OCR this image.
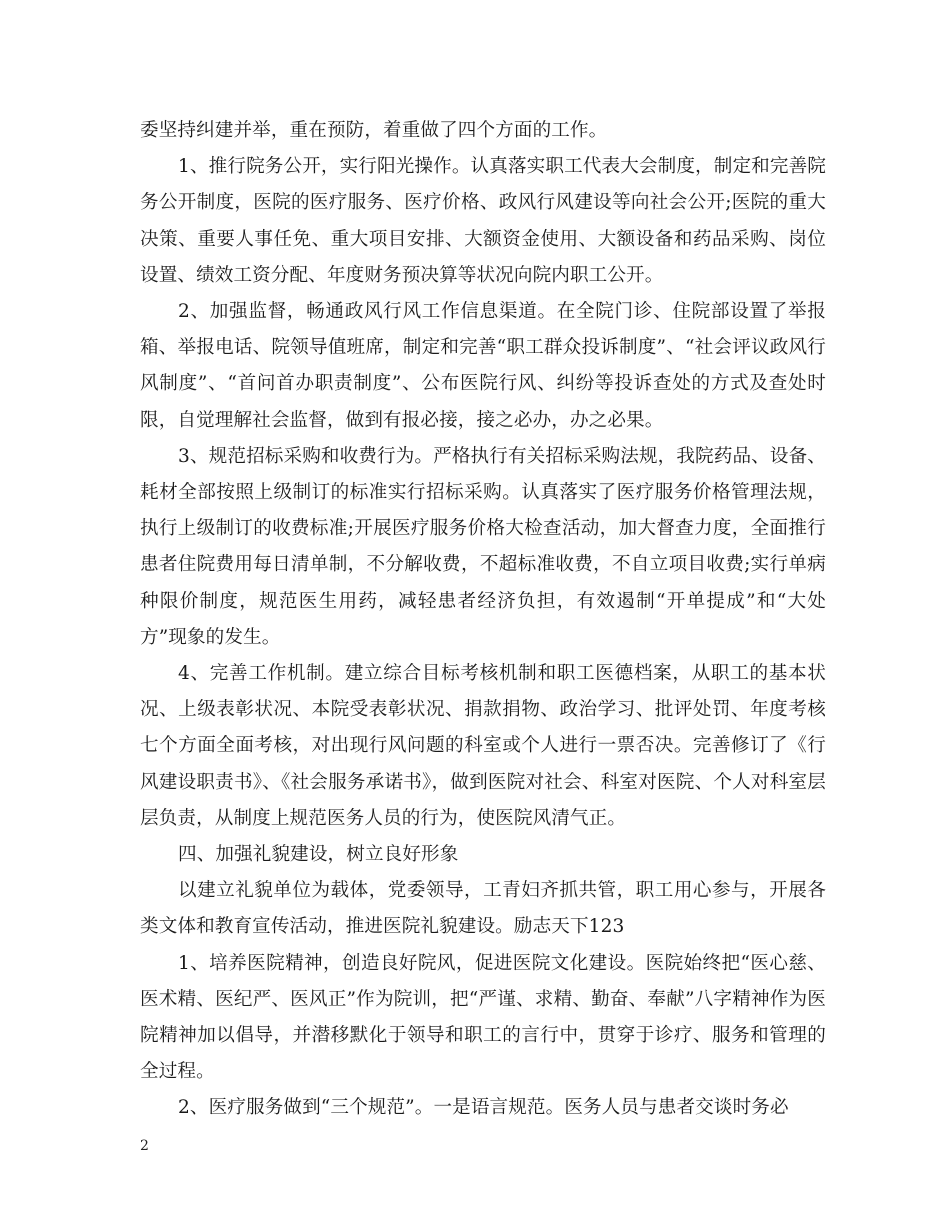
委坚持纠建并举，重在预防，着重做了四个方面的工作。

1、推行院务公开，实行阳光操作。认真落实职工代表大会制度，制定和完善院务公开制度，医院的医疗服务、医疗价格、政风行风建设等向社会公开;医院的重大决策、重要人事任免、重大项目安排、大额资金使用、大额设备和药品采购、岗位设置、绩效工资分配、年度财务预决算等状况向院内职工公开。

2、加强监督，畅通政风行风工作信息渠道。在全院门诊、住院部设置了举报箱、举报电话、院领导值班席，制定和完善“职工群众投诉制度”、“社会评议政风行风制度”、“首问首办职责制度”、公布医院行风、纠纷等投诉查处的方式及查处时限，自觉理解社会监督，做到有报必接，接之必办，办之必果。

3、规范招标采购和收费行为。严格执行有关招标采购法规，我院药品、设备、耗材全部按照上级制订的标准实行招标采购。认真落实了医疗服务价格管理法规，执行上级制订的收费标准;开展医疗服务价格大检查活动，加大督查力度，全面推行患者住院费用每日清单制，不分解收费，不超标准收费，不自立项目收费;实行单病种限价制度，规范医生用药，减轻患者经济负担，有效遏制“开单提成”和“大处方”现象的发生。

4、完善工作机制。建立综合目标考核机制和职工医德档案，从职工的基本状况、上级表彰状况、本院受表彰状况、捐款捐物、政治学习、批评处罚、年度考核七个方面全面考核，对出现行风问题的科室或个人进行一票否决。完善修订了《行风建设职责书》、《社会服务承诺书》，做到医院对社会、科室对医院、个人对科室层层负责，从制度上规范医务人员的行为，使医院风清气正。

四、加强礼貌建设，树立良好形象

以建立礼貌单位为载体，党委领导，工青妇齐抓共管，职工用心参与，开展各类文体和教育宣传活动，推进医院礼貌建设。励志天下123

1、培养医院精神，创造良好院风，促进医院文化建设。医院始终把“医心慈、医术精、医纪严、医风正”作为院训，把“严谨、求精、勤奋、奉献”八字精神作为医院精神加以倡导，并潜移默化于领导和职工的言行中，贯穿于诊疗、服务和管理的全过程。

2、医疗服务做到“三个规范”。一是语言规范。医务人员与患者交谈时务必

2
